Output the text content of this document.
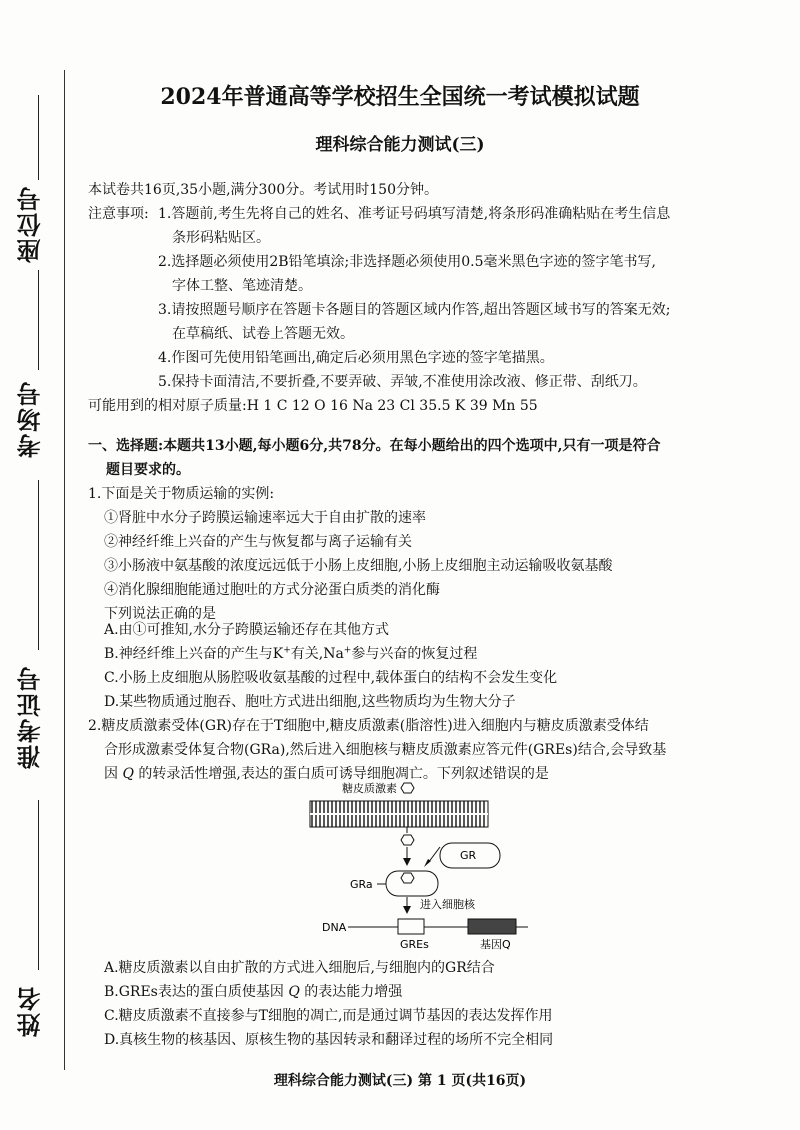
座位号
考场号
准考证号
姓名
2024年普通高等学校招生全国统一考试模拟试题
理科综合能力测试(三)
本试卷共16页,35小题,满分300分。考试用时150分钟。
注意事项: 1.答题前,考生先将自己的姓名、准考证号码填写清楚,将条形码准确粘贴在考生信息
条形码粘贴区。
2.选择题必须使用2B铅笔填涂;非选择题必须使用0.5毫米黑色字迹的签字笔书写,
字体工整、笔迹清楚。
3.请按照题号顺序在答题卡各题目的答题区域内作答,超出答题区域书写的答案无效;
在草稿纸、试卷上答题无效。
4.作图可先使用铅笔画出,确定后必须用黑色字迹的签字笔描黑。
5.保持卡面清洁,不要折叠,不要弄破、弄皱,不准使用涂改液、修正带、刮纸刀。
可能用到的相对原子质量:H 1 C 12 O 16 Na 23 Cl 35.5 K 39 Mn 55
一、选择题:本题共13小题,每小题6分,共78分。在每小题给出的四个选项中,只有一项是符合
题目要求的。
1.下面是关于物质运输的实例:
①肾脏中水分子跨膜运输速率远大于自由扩散的速率
②神经纤维上兴奋的产生与恢复都与离子运输有关
③小肠液中氨基酸的浓度远远低于小肠上皮细胞,小肠上皮细胞主动运输吸收氨基酸
④消化腺细胞能通过胞吐的方式分泌蛋白质类的消化酶
下列说法正确的是
A.由①可推知,水分子跨膜运输还存在其他方式
B.神经纤维上兴奋的产生与K+有关,Na+参与兴奋的恢复过程
C.小肠上皮细胞从肠腔吸收氨基酸的过程中,载体蛋白的结构不会发生变化
D.某些物质通过胞吞、胞吐方式进出细胞,这些物质均为生物大分子
2.糖皮质激素受体(GR)存在于T细胞中,糖皮质激素(脂溶性)进入细胞内与糖皮质激素受体结
合形成激素受体复合物(GRa),然后进入细胞核与糖皮质激素应答元件(GREs)结合,会导致基
因 Q 的转录活性增强,表达的蛋白质可诱导细胞凋亡。下列叙述错误的是
糖皮质激素
GR
GRa
进入细胞核
DNA
GREs	基因Q
A.糖皮质激素以自由扩散的方式进入细胞后,与细胞内的GR结合
B.GREs表达的蛋白质使基因 Q 的表达能力增强
C.糖皮质激素不直接参与T细胞的凋亡,而是通过调节基因的表达发挥作用
D.真核生物的核基因、原核生物的基因转录和翻译过程的场所不完全相同
理科综合能力测试(三) 第 1 页(共16页)
